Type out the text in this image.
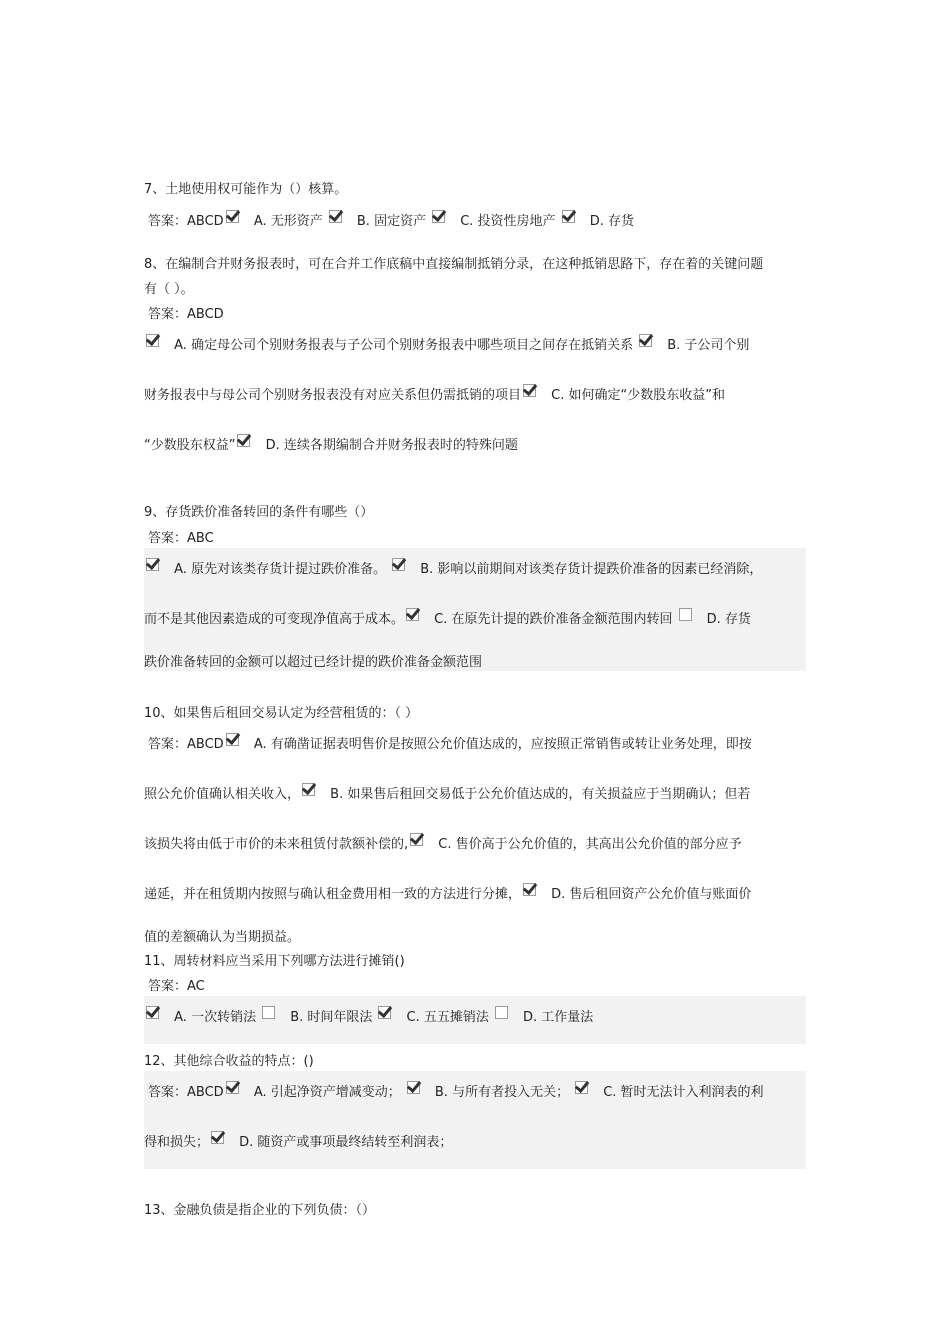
7、土地使用权可能作为（）核算。
答案：ABCD A. 无形资产	B. 固定资产	C. 投资性房地产	D. 存货
8、在编制合并财务报表时，可在合并工作底稿中直接编制抵销分录，在这种抵销思路下，存在着的关键问题
有（ ）。
答案：ABCD
A. 确定母公司个别财务报表与子公司个别财务报表中哪些项目之间存在抵销关系	B. 子公司个别
财务报表中与母公司个别财务报表没有对应关系但仍需抵销的项目 C. 如何确定“少数股东收益”和
“少数股东权益” D. 连续各期编制合并财务报表时的特殊问题
9、存货跌价准备转回的条件有哪些（）
答案：ABC
A. 原先对该类存货计提过跌价准备。	B. 影响以前期间对该类存货计提跌价准备的因素已经消除，
而不是其他因素造成的可变现净值高于成本。 C. 在原先计提的跌价准备金额范围内转回	D. 存货
跌价准备转回的金额可以超过已经计提的跌价准备金额范围
10、如果售后租回交易认定为经营租赁的：（ ）
答案：ABCD A. 有确凿证据表明售价是按照公允价值达成的，应按照正常销售或转让业务处理，即按
照公允价值确认相关收入， B. 如果售后租回交易低于公允价值达成的，有关损益应于当期确认；但若
该损失将由低于市价的未来租赁付款额补偿的, C. 售价高于公允价值的，其高出公允价值的部分应予
递延，并在租赁期内按照与确认租金费用相一致的方法进行分摊， D. 售后租回资产公允价值与账面价
值的差额确认为当期损益。
11、周转材料应当采用下列哪方法进行摊销()
答案：AC
A. 一次转销法	B. 时间年限法	C. 五五摊销法	D. 工作量法
12、其他综合收益的特点：()
答案：ABCD A. 引起净资产增减变动；	B. 与所有者投入无关；	C. 暂时无法计入利润表的利
得和损失； D. 随资产或事项最终结转至利润表；
13、金融负债是指企业的下列负债：（）
